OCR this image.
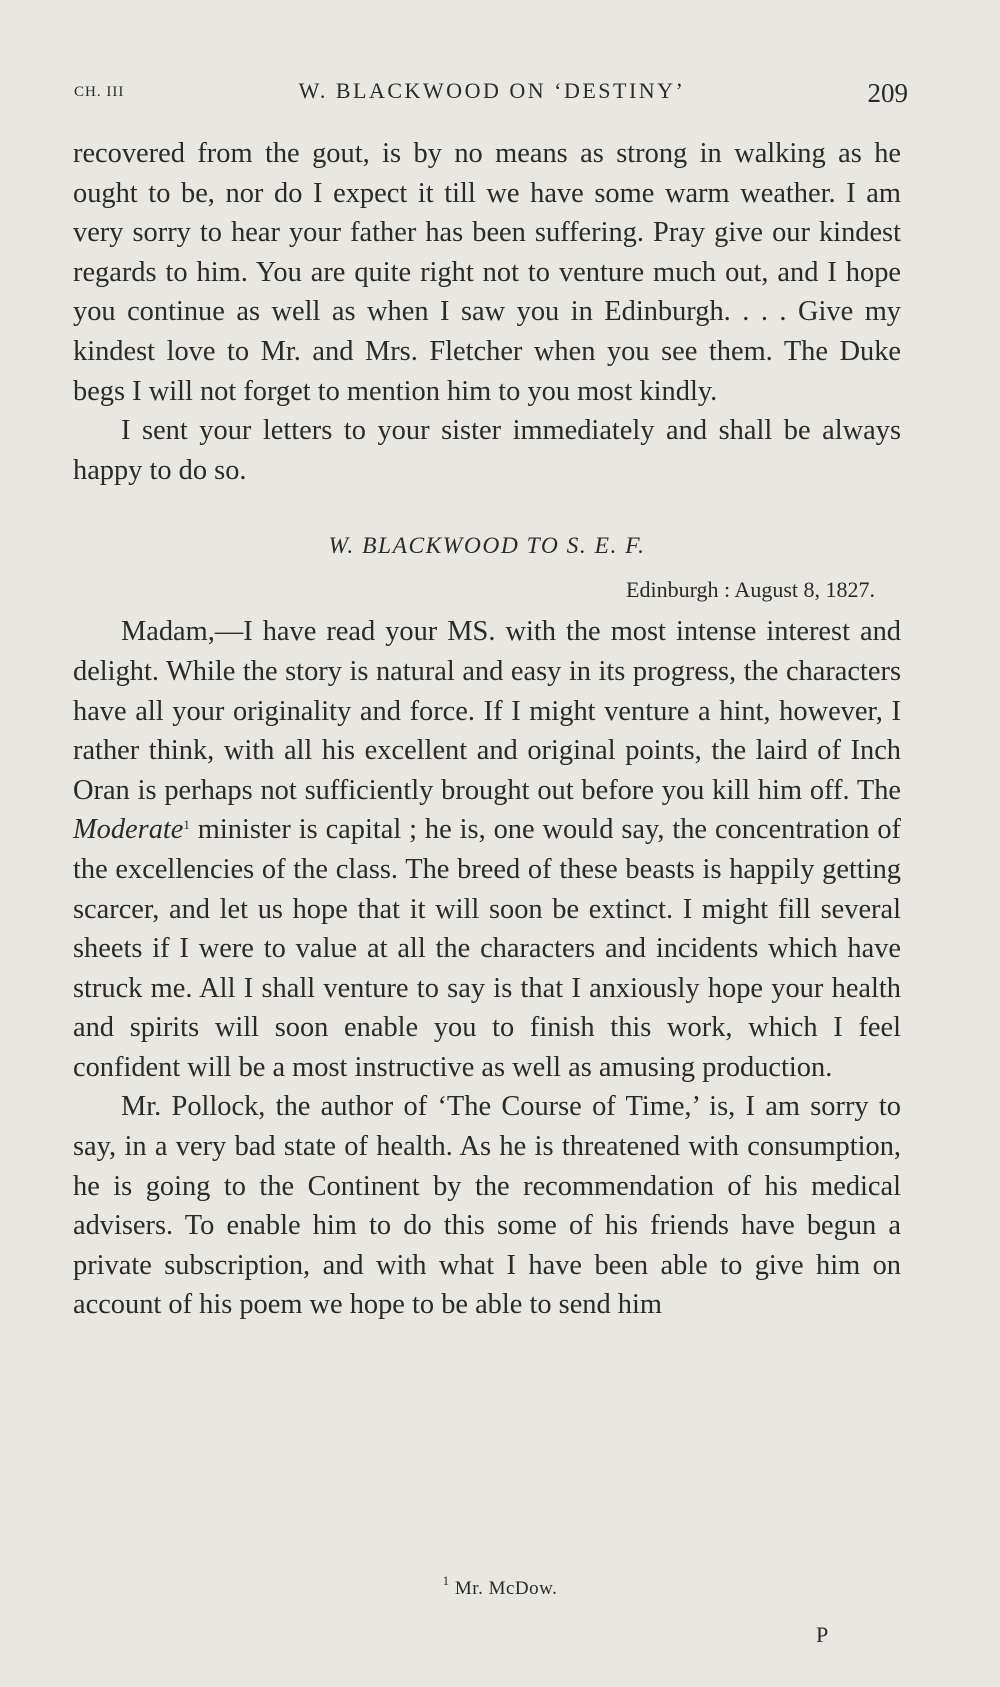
CH. III	W. BLACKWOOD ON ‘DESTINY’	209

recovered from the gout, is by no means as strong in walking as he ought to be, nor do I expect it till we have some warm weather. I am very sorry to hear your father has been suffering. Pray give our kindest regards to him. You are quite right not to venture much out, and I hope you continue as well as when I saw you in Edinburgh. . . . Give my kindest love to Mr. and Mrs. Fletcher when you see them. The Duke begs I will not forget to mention him to you most kindly.

I sent your letters to your sister immediately and shall be always happy to do so.

W. BLACKWOOD TO S. E. F.
Edinburgh : August 8, 1827.

Madam,—I have read your MS. with the most intense interest and delight. While the story is natural and easy in its progress, the characters have all your originality and force. If I might venture a hint, however, I rather think, with all his excellent and original points, the laird of Inch Oran is perhaps not sufficiently brought out before you kill him off. The Moderate$^1$ minister is capital ; he is, one would say, the concentration of the excellencies of the class. The breed of these beasts is happily getting scarcer, and let us hope that it will soon be extinct. I might fill several sheets if I were to value at all the characters and incidents which have struck me. All I shall venture to say is that I anxiously hope your health and spirits will soon enable you to finish this work, which I feel confident will be a most instructive as well as amusing production.

Mr. Pollock, the author of ‘The Course of Time,’ is, I am sorry to say, in a very bad state of health. As he is threatened with consumption, he is going to the Continent by the recommendation of his medical advisers. To enable him to do this some of his friends have begun a private subscription, and with what I have been able to give him on account of his poem we hope to be able to send him

$^1$ Mr. McDow.
P
